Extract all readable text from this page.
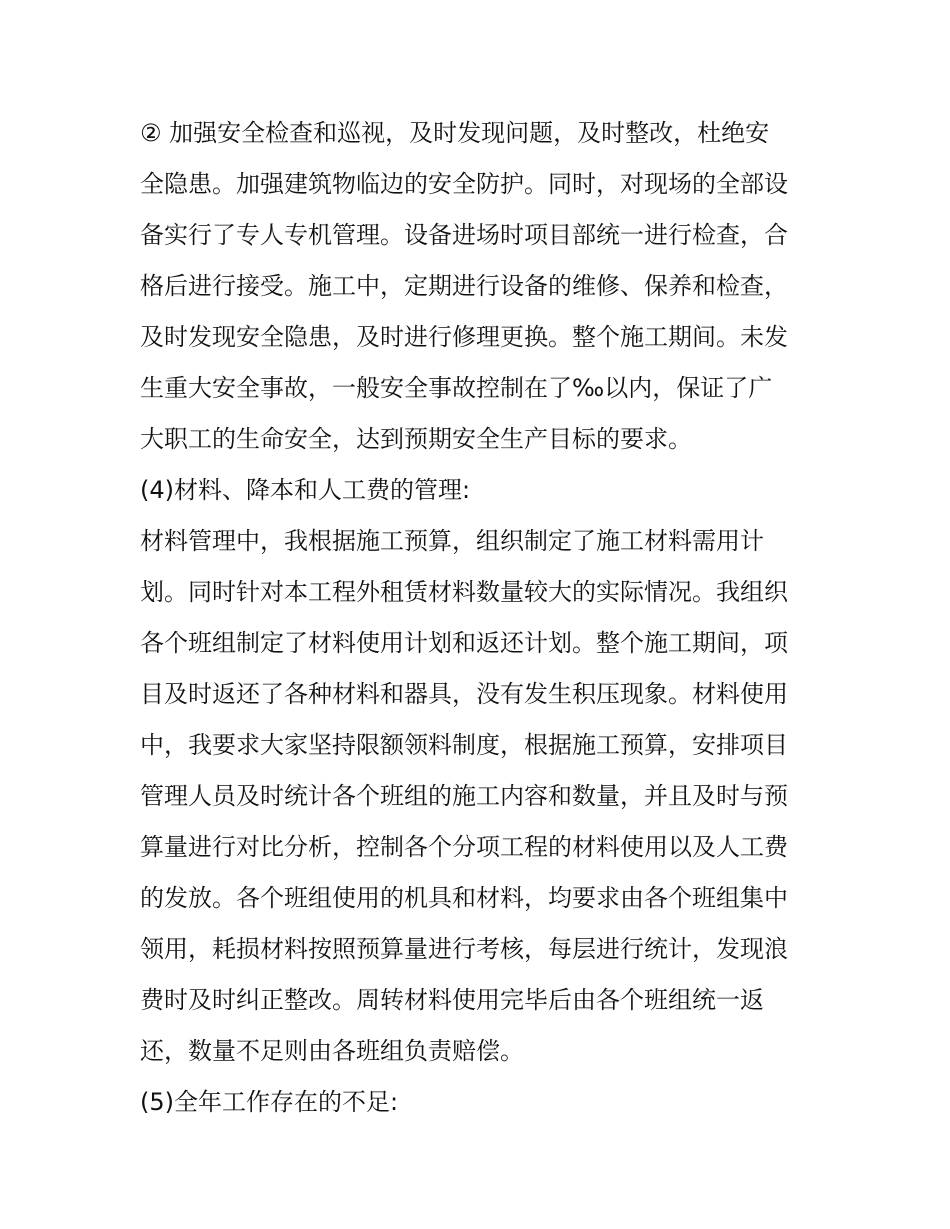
② 加强安全检查和巡视，及时发现问题，及时整改，杜绝安
全隐患。加强建筑物临边的安全防护。同时，对现场的全部设
备实行了专人专机管理。设备进场时项目部统一进行检查，合
格后进行接受。施工中，定期进行设备的维修、保养和检查，
及时发现安全隐患，及时进行修理更换。整个施工期间。未发
生重大安全事故，一般安全事故控制在了‰以内，保证了广
大职工的生命安全，达到预期安全生产目标的要求。
(4)材料、降本和人工费的管理:
材料管理中，我根据施工预算，组织制定了施工材料需用计
划。同时针对本工程外租赁材料数量较大的实际情况。我组织
各个班组制定了材料使用计划和返还计划。整个施工期间，项
目及时返还了各种材料和器具，没有发生积压现象。材料使用
中，我要求大家坚持限额领料制度，根据施工预算，安排项目
管理人员及时统计各个班组的施工内容和数量，并且及时与预
算量进行对比分析，控制各个分项工程的材料使用以及人工费
的发放。各个班组使用的机具和材料，均要求由各个班组集中
领用，耗损材料按照预算量进行考核，每层进行统计，发现浪
费时及时纠正整改。周转材料使用完毕后由各个班组统一返
还，数量不足则由各班组负责赔偿。
(5)全年工作存在的不足:
